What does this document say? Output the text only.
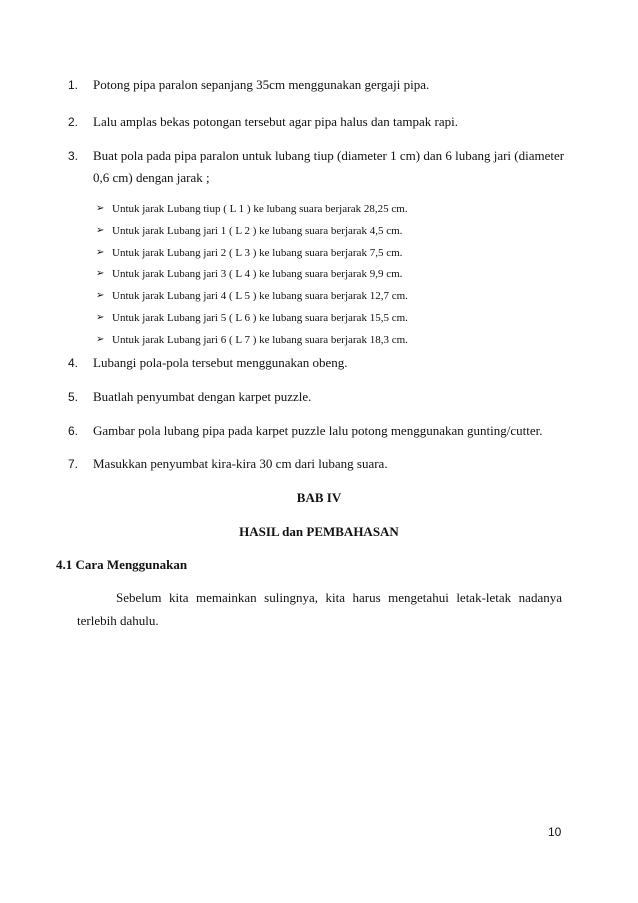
1. Potong pipa paralon sepanjang 35cm menggunakan gergaji pipa.
2. Lalu amplas bekas potongan tersebut agar pipa halus dan tampak rapi.
3. Buat pola pada pipa paralon untuk lubang tiup (diameter 1 cm) dan 6 lubang jari (diameter
0,6 cm) dengan jarak ;
➢ Untuk jarak Lubang tiup ( L 1 ) ke lubang suara berjarak 28,25 cm.
➢ Untuk jarak Lubang jari 1 ( L 2 ) ke lubang suara berjarak 4,5 cm.
➢ Untuk jarak Lubang jari 2 ( L 3 ) ke lubang suara berjarak 7,5 cm.
➢ Untuk jarak Lubang jari 3 ( L 4 ) ke lubang suara berjarak 9,9 cm.
➢ Untuk jarak Lubang jari 4 ( L 5 ) ke lubang suara berjarak 12,7 cm.
➢ Untuk jarak Lubang jari 5 ( L 6 ) ke lubang suara berjarak 15,5 cm.
➢ Untuk jarak Lubang jari 6 ( L 7 ) ke lubang suara berjarak 18,3 cm.
4. Lubangi pola-pola tersebut menggunakan obeng.
5. Buatlah penyumbat dengan karpet puzzle.
6. Gambar pola lubang pipa pada karpet puzzle lalu potong menggunakan gunting/cutter.
7. Masukkan penyumbat kira-kira 30 cm dari lubang suara.
BAB IV
HASIL dan PEMBAHASAN
4.1 Cara Menggunakan
Sebelum kita memainkan sulingnya, kita harus mengetahui letak-letak nadanya
terlebih dahulu.
10
